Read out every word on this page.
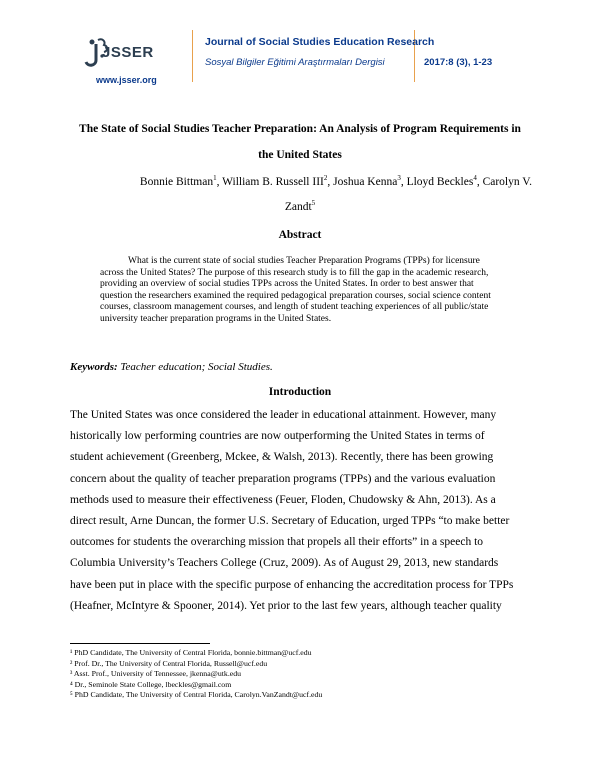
JSSER
www.jsser.org
Journal of Social Studies Education Research
Sosyal Bilgiler Eğitimi Araştırmaları Dergisi	2017:8 (3), 1-23
The State of Social Studies Teacher Preparation: An Analysis of Program Requirements in
the United States
Bonnie Bittman$^1$, William B. Russell III$^2$, Joshua Kenna$^3$, Lloyd Beckles$^4$, Carolyn V.
Zandt$^5$
Abstract

What is the current state of social studies Teacher Preparation Programs (TPPs) for licensure
across the United States? The purpose of this research study is to fill the gap in the academic research,
providing an overview of social studies TPPs across the United States. In order to best answer that
question the researchers examined the required pedagogical preparation courses, social science content
courses, classroom management courses, and length of student teaching experiences of all public/state
university teacher preparation programs in the United States.

Keywords: Teacher education; Social Studies.
Introduction

The United States was once considered the leader in educational attainment. However, many
historically low performing countries are now outperforming the United States in terms of
student achievement (Greenberg, Mckee, & Walsh, 2013). Recently, there has been growing
concern about the quality of teacher preparation programs (TPPs) and the various evaluation
methods used to measure their effectiveness (Feuer, Floden, Chudowsky & Ahn, 2013). As a
direct result, Arne Duncan, the former U.S. Secretary of Education, urged TPPs “to make better
outcomes for students the overarching mission that propels all their efforts” in a speech to
Columbia University’s Teachers College (Cruz, 2009). As of August 29, 2013, new standards
have been put in place with the specific purpose of enhancing the accreditation process for TPPs
(Heafner, McIntyre & Spooner, 2014). Yet prior to the last few years, although teacher quality

¹ PhD Candidate, The University of Central Florida, bonnie.bittman@ucf.edu
² Prof. Dr., The University of Central Florida, Russell@ucf.edu
³ Asst. Prof., University of Tennessee, jkenna@utk.edu
⁴ Dr., Seminole State College, lbeckles@gmail.com
⁵ PhD Candidate, The University of Central Florida, Carolyn.VanZandt@ucf.edu
